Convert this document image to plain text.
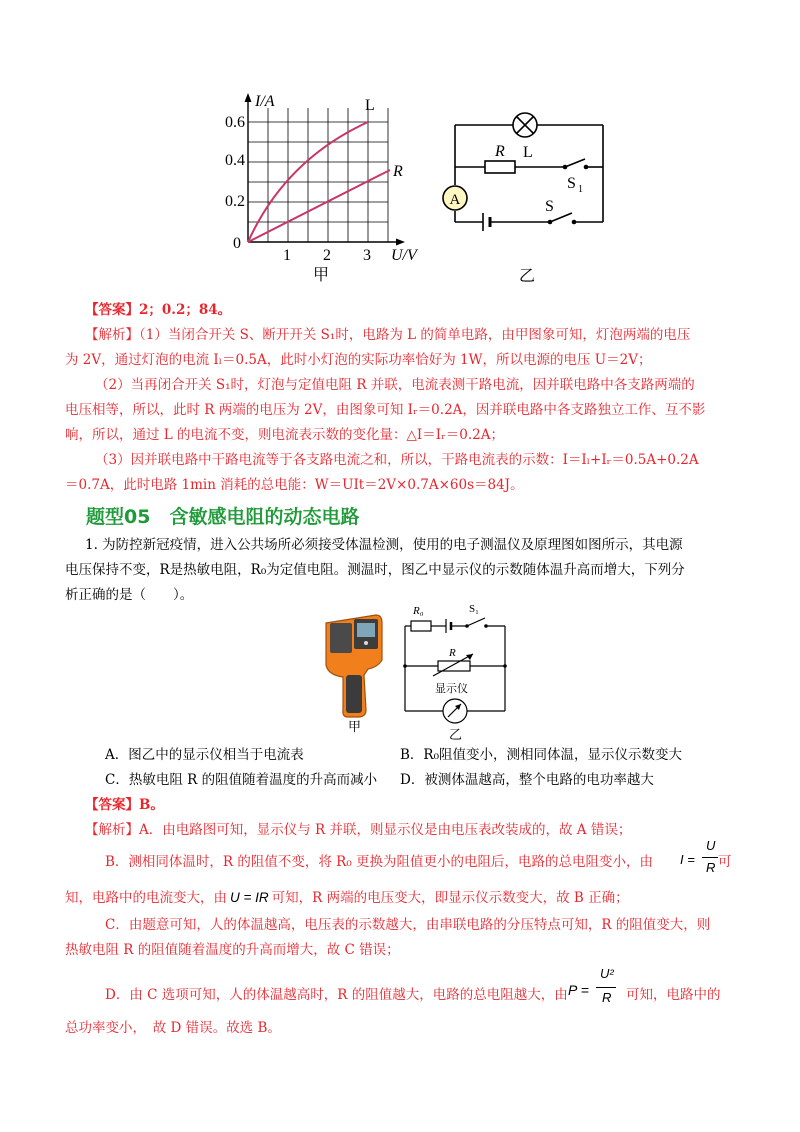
I/A
0.6
0.4
0.2
0
1 2 3 U/V
L
R
甲
A
L
R
S 1
S
乙
【答案】2；0.2；84。
【解析】（1）当闭合开关 S、断开开关 S₁时，电路为 L 的简单电路，由甲图象可知，灯泡两端的电压
为 2V，通过灯泡的电流 Iₗ＝0.5A，此时小灯泡的实际功率恰好为 1W，所以电源的电压 U＝2V；
（2）当再闭合开关 S₁时，灯泡与定值电阻 R 并联，电流表测干路电流，因并联电路中各支路两端的
电压相等，所以，此时 R 两端的电压为 2V，由图象可知 Iᵣ＝0.2A，因并联电路中各支路独立工作、互不影
响，所以，通过 L 的电流不变，则电流表示数的变化量：△I＝Iᵣ＝0.2A；
（3）因并联电路中干路电流等于各支路电流之和，所以，干路电流表的示数：I＝Iₗ+Iᵣ＝0.5A+0.2A
＝0.7A，此时电路 1min 消耗的总电能：W＝UIt＝2V×0.7A×60s＝84J。
题型05　含敏感电阻的动态电路
1. 为防控新冠疫情，进入公共场所必须接受体温检测，使用的电子测温仪及原理图如图所示，其电源
电压保持不变，R是热敏电阻，R₀为定值电阻。测温时，图乙中显示仪的示数随体温升高而增大，下列分
析正确的是（　　）。
甲
R₀	S₁
R
显示仪
乙
A．图乙中的显示仪相当于电流表	B．R₀阻值变小，测相同体温，显示仪示数变大
C．热敏电阻 R 的阻值随着温度的升高而减小 D．被测体温越高，整个电路的电功率越大
【答案】B。
【解析】A．由电路图可知，显示仪与 R 并联，则显示仪是由电压表改装成的，故 A 错误；
B．测相同体温时，R 的阻值不变，将 R₀ 更换为阻值更小的电阻后，电路的总电阻变小，由 I =
U
R 可
知，电路中的电流变大，由 U = IR 可知，R 两端的电压变大，即显示仪示数变大，故 B 正确；
C．由题意可知，人的体温越高，电压表的示数越大，由串联电路的分压特点可知，R 的阻值变大，则
热敏电阻 R 的阻值随着温度的升高而增大，故 C 错误；
D．由 C 选项可知，人的体温越高时，R 的阻值越大，电路的总电阻越大，由 P =
U²
R 可知，电路中的
总功率变小，　故 D 错误。故选 B。
